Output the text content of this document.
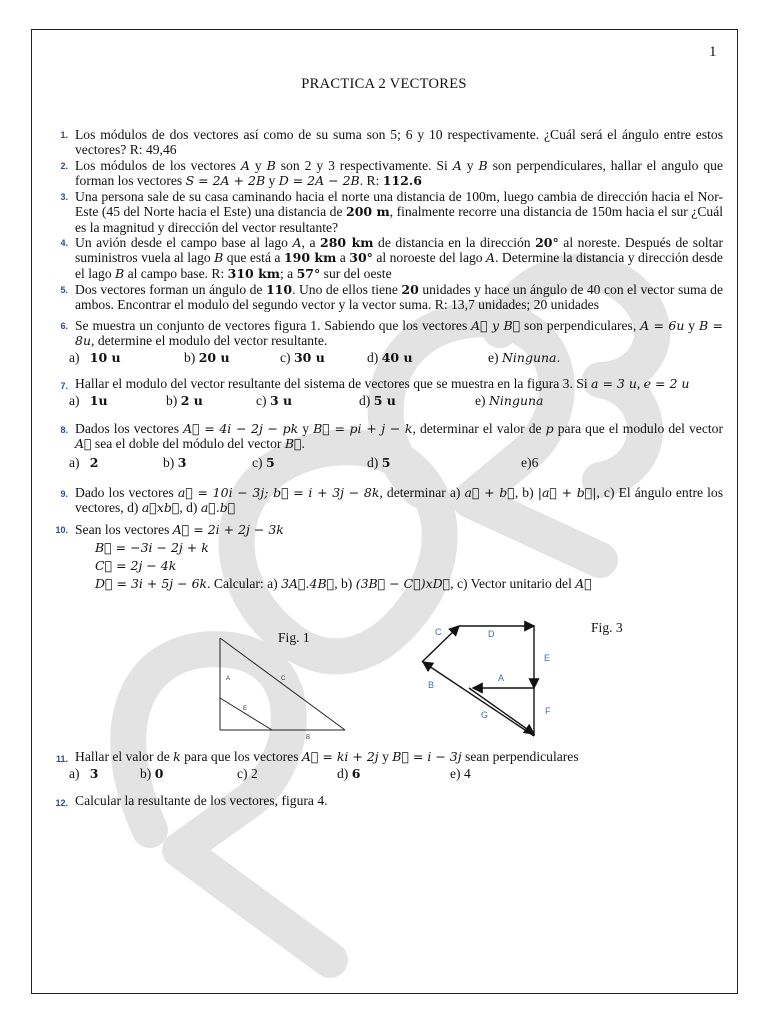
1
PRACTICA 2 VECTORES
1. Los módulos de dos vectores así como de su suma son 5; 6 y 10 respectivamente. ¿Cuál será el ángulo entre estos vectores? R: 49,46
2. Los módulos de los vectores A y B son 2 y 3 respectivamente. Si A y B son perpendiculares, hallar el angulo que forman los vectores S = 2A + 2B y D = 2A − 2B. R: 112.6
3. Una persona sale de su casa caminando hacia el norte una distancia de 100m, luego cambia de dirección hacia el Nor-Este (45 del Norte hacia el Este) una distancia de 200 m, finalmente recorre una distancia de 150m hacia el sur ¿Cuál es la magnitud y dirección del vector resultante?
4. Un avión desde el campo base al lago A, a 280 km de distancia en la dirección 20° al noreste. Después de soltar suministros vuela al lago B que está a 190 km a 30° al noroeste del lago A. Determine la distancia y dirección desde el lago B al campo base. R: 310 km; a 57° sur del oeste
5. Dos vectores forman un ángulo de 110. Uno de ellos tiene 20 unidades y hace un ángulo de 40 con el vector suma de ambos. Encontrar el modulo del segundo vector y la vector suma. R: 13,7 unidades; 20 unidades
6. Se muestra un conjunto de vectores figura 1. Sabiendo que los vectores A⃗ y B⃗ son perpendiculares, A = 6u y B = 8u, determine el modulo del vector resultante.
a) 10 u	b) 20 u	c) 30 u	d) 40 u	e) Ninguna.
7. Hallar el modulo del vector resultante del sistema de vectores que se muestra en la figura 3. Si a = 3 u, e = 2 u
a) 1u	b) 2 u	c) 3 u	d) 5 u	e) Ninguna
8. Dados los vectores A⃗ = 4i − 2j − pk y B⃗ = pi + j − k, determinar el valor de p para que el modulo del vector A⃗ sea el doble del módulo del vector B⃗.
a) 2	b) 3	c) 5	d) 5	e)6
9. Dado los vectores a⃗ = 10i − 3j; b⃗ = i + 3j − 8k, determinar a) a⃗ + b⃗, b) |a⃗ + b⃗|, c) El ángulo entre los vectores, d) a⃗xb⃗, d) a⃗.b⃗
10. Sean los vectores A⃗ = 2i + 2j − 3k
B⃗ = −3i − 2j + k
C⃗ = 2j − 4k
D⃗ = 3i + 5j − 6k. Calcular: a) 3A⃗.4B⃗, b) (3B⃗ − C⃗)xD⃗, c) Vector unitario del A⃗
Fig. 1
A	C
E
B
Fig. 3
C	D
E
A
B
G	F
11. Hallar el valor de k para que los vectores A⃗ = ki + 2j y B⃗ = i − 3j sean perpendiculares
a) 3	b) 0	c) 2	d) 6	e) 4
12. Calcular la resultante de los vectores, figura 4.
